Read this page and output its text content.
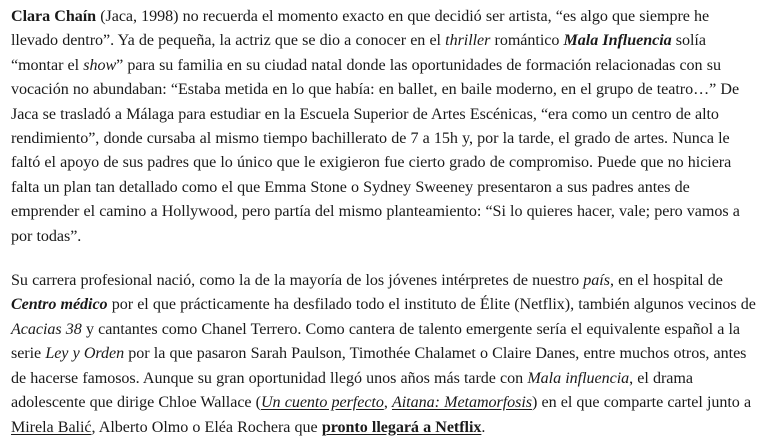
Clara Chaín (Jaca, 1998) no recuerda el momento exacto en que decidió ser artista, “es algo que siempre he llevado dentro”. Ya de pequeña, la actriz que se dio a conocer en el thriller romántico Mala Influencia solía “montar el show” para su familia en su ciudad natal donde las oportunidades de formación relacionadas con su vocación no abundaban: “Estaba metida en lo que había: en ballet, en baile moderno, en el grupo de teatro…” De Jaca se trasladó a Málaga para estudiar en la Escuela Superior de Artes Escénicas, “era como un centro de alto rendimiento”, donde cursaba al mismo tiempo bachillerato de 7 a 15h y, por la tarde, el grado de artes. Nunca le faltó el apoyo de sus padres que lo único que le exigieron fue cierto grado de compromiso. Puede que no hiciera falta un plan tan detallado como el que Emma Stone o Sydney Sweeney presentaron a sus padres antes de emprender el camino a Hollywood, pero partía del mismo planteamiento: “Si lo quieres hacer, vale; pero vamos a por todas”.

Su carrera profesional nació, como la de la mayoría de los jóvenes intérpretes de nuestro país, en el hospital de Centro médico por el que prácticamente ha desfilado todo el instituto de Élite (Netflix), también algunos vecinos de Acacias 38 y cantantes como Chanel Terrero. Como cantera de talento emergente sería el equivalente español a la serie Ley y Orden por la que pasaron Sarah Paulson, Timothée Chalamet o Claire Danes, entre muchos otros, antes de hacerse famosos. Aunque su gran oportunidad llegó unos años más tarde con Mala influencia, el drama adolescente que dirige Chloe Wallace (Un cuento perfecto, Aitana: Metamorfosis) en el que comparte cartel junto a Mirela Balić, Alberto Olmo o Eléa Rochera que pronto llegará a Netflix.
